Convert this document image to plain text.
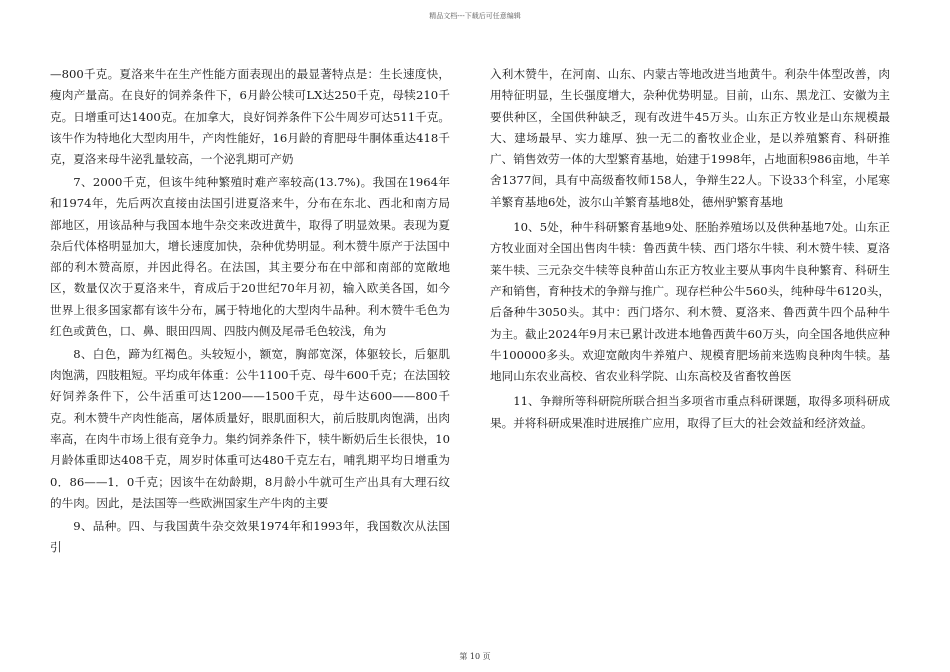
精品文档---下载后可任意编辑

—800千克。夏洛来牛在生产性能方面表现出的最显著特点是：生长速度快，瘦肉产量高。在良好的饲养条件下，6月龄公犊可LX达250千克，母犊210千克。日增重可达1400克。在加拿大，良好饲养条件下公牛周岁可达511千克。该牛作为特地化大型肉用牛，产肉性能好，16月龄的育肥母牛胴体重达418千克，夏洛来母牛泌乳量较高，一个泌乳期可产奶

7、2000千克，但该牛纯种繁殖时难产率较高(13.7%)。我国在1964年和1974年，先后两次直接由法国引进夏洛来牛，分布在东北、西北和南方局部地区，用该品种与我国本地牛杂交来改进黄牛，取得了明显效果。表现为夏杂后代体格明显加大，增长速度加快，杂种优势明显。利木赞牛原产于法国中部的利木赞高原，并因此得名。在法国，其主要分布在中部和南部的宽敞地区，数量仅次于夏洛来牛，育成后于20世纪70年月初，输入欧美各国，如今世界上很多国家都有该牛分布，属于特地化的大型肉牛品种。利木赞牛毛色为红色或黄色，口、鼻、眼田四周、四肢内侧及尾帚毛色较浅，角为

8、白色，蹄为红褐色。头较短小，额宽，胸部宽深，体躯较长，后躯肌肉饱满，四肢粗短。平均成年体重：公牛1100千克、母牛600千克；在法国较好饲养条件下，公牛活重可达1200——1500千克，母牛达600——800千克。利木赞牛产肉性能高，屠体质量好，眼肌面积大，前后肢肌肉饱满，出肉率高，在肉牛市场上很有竞争力。集约饲养条件下，犊牛断奶后生长很快，10月龄体重即达408千克，周岁时体重可达480千克左右，哺乳期平均日增重为0．86——1．0千克；因该牛在幼龄期，8月龄小牛就可生产出具有大理石纹的牛肉。因此，是法国等一些欧洲国家生产牛肉的主要

9、品种。四、与我国黄牛杂交效果1974年和1993年，我国数次从法国引

入利木赞牛，在河南、山东、内蒙古等地改进当地黄牛。利杂牛体型改善，肉用特征明显，生长强度增大，杂种优势明显。目前，山东、黑龙江、安徽为主要供种区，全国供种缺乏，现有改进牛45万头。山东正方牧业是山东规模最大、建场最早、实力雄厚、独一无二的畜牧业企业，是以养殖繁育、科研推广、销售效劳一体的大型繁育基地，始建于1998年，占地面积986亩地，牛羊舍1377间，具有中高级畜牧师158人，争辩生22人。下设33个科室，小尾寒羊繁育基地6处，波尔山羊繁育基地8处，德州驴繁育基地

10、5处，种牛科研繁育基地9处、胚胎养殖场以及供种基地7处。山东正方牧业面对全国出售肉牛犊：鲁西黄牛犊、西门塔尔牛犊、利木赞牛犊、夏洛莱牛犊、三元杂交牛犊等良种苗山东正方牧业主要从事肉牛良种繁育、科研生产和销售，育种技术的争辩与推广。现存栏种公牛560头，纯种母牛6120头，后备种牛3050头。其中：西门塔尔、利木赞、夏洛来、鲁西黄牛四个品种牛为主。截止2024年9月末已累计改进本地鲁西黄牛60万头，向全国各地供应种牛100000多头。欢迎宽敞肉牛养殖户、规模育肥场前来选购良种肉牛犊。基地同山东农业高校、省农业科学院、山东高校及省畜牧兽医

11、争辩所等科研院所联合担当多项省市重点科研课题，取得多项科研成果。并将科研成果准时进展推广应用，取得了巨大的社会效益和经济效益。

第 10 页
